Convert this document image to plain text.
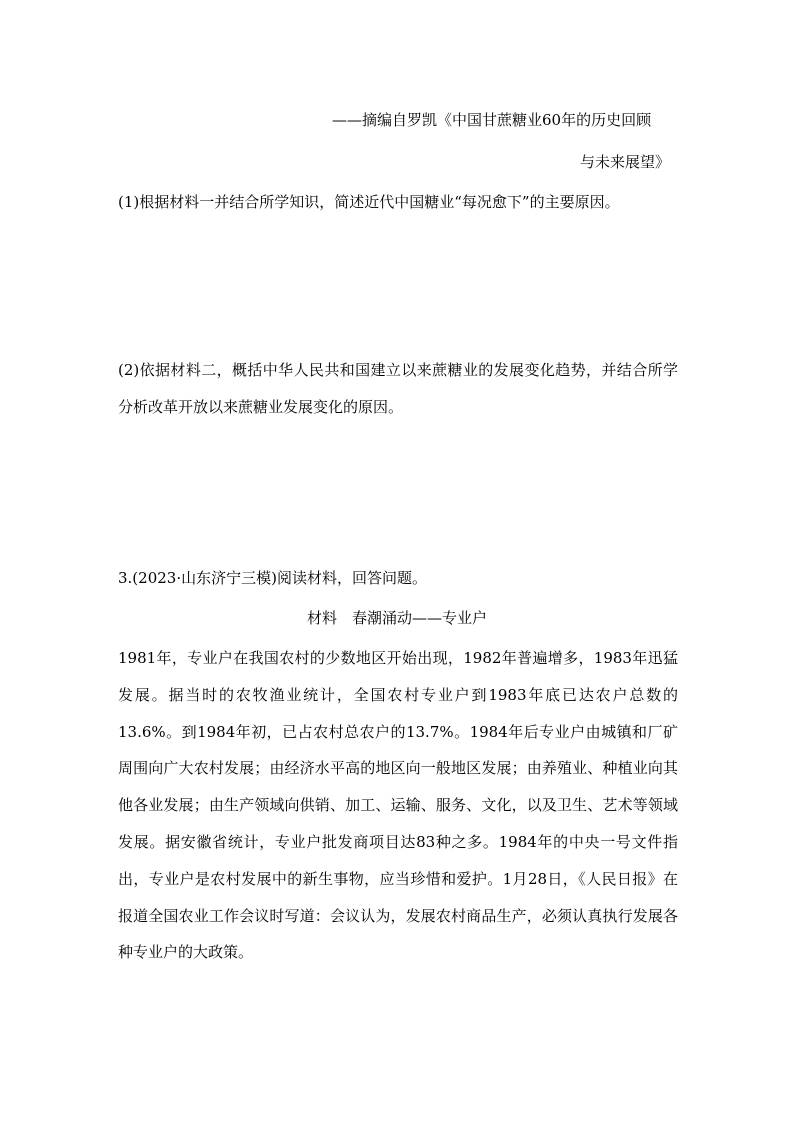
——摘编自罗凯《中国甘蔗糖业60年的历史回顾
与未来展望》
(1)根据材料一并结合所学知识，简述近代中国糖业“每况愈下”的主要原因。
(2)依据材料二，概括中华人民共和国建立以来蔗糖业的发展变化趋势，并结合所学分析改革开放以来蔗糖业发展变化的原因。
3.(2023·山东济宁三模)阅读材料，回答问题。
材料　春潮涌动——专业户
1981年，专业户在我国农村的少数地区开始出现，1982年普遍增多，1983年迅猛发展。据当时的农牧渔业统计，全国农村专业户到1983年底已达农户总数的13.6%。到1984年初，已占农村总农户的13.7%。1984年后专业户由城镇和厂矿周围向广大农村发展；由经济水平高的地区向一般地区发展；由养殖业、种植业向其他各业发展；由生产领域向供销、加工、运输、服务、文化，以及卫生、艺术等领域发展。据安徽省统计，专业户批发商项目达83种之多。1984年的中央一号文件指出，专业户是农村发展中的新生事物，应当珍惜和爱护。1月28日，《人民日报》在报道全国农业工作会议时写道：会议认为，发展农村商品生产，必须认真执行发展各种专业户的大政策。
